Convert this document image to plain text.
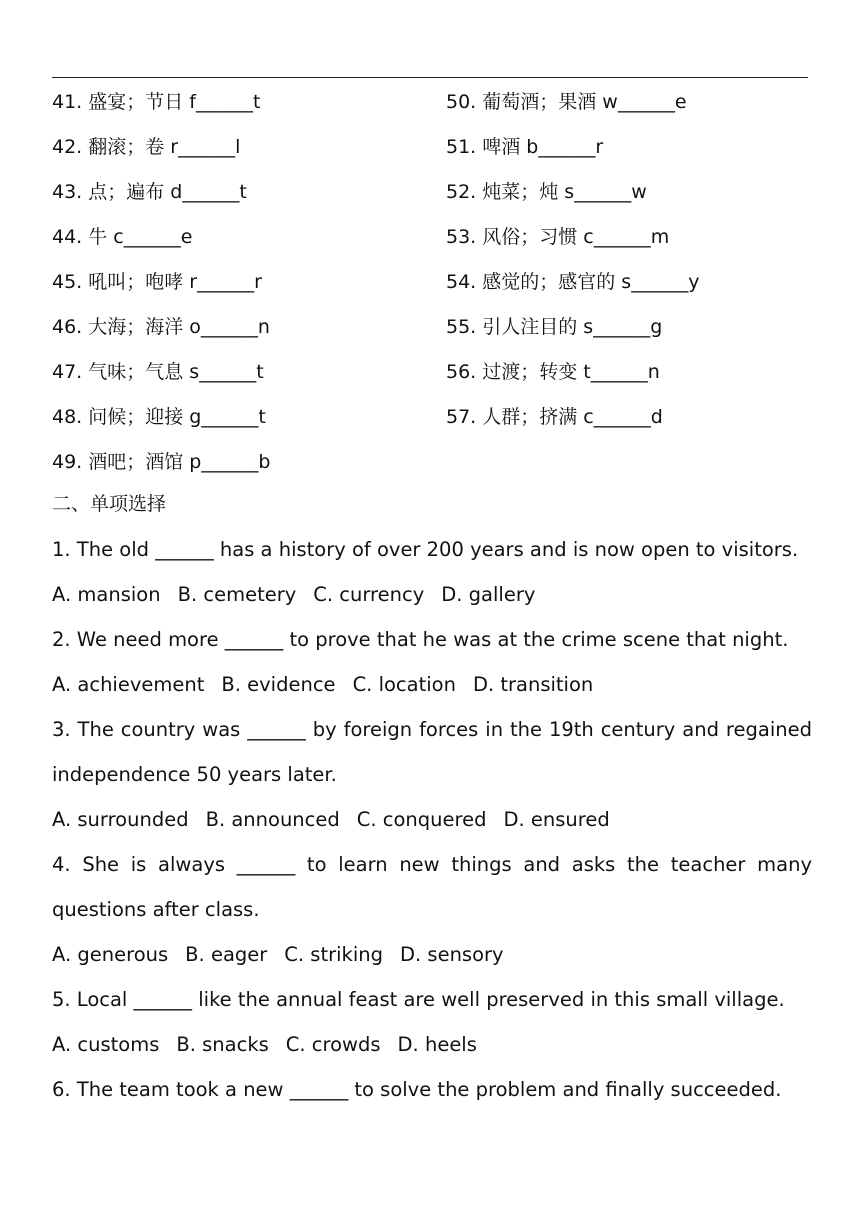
41. 盛宴；节日 f______t
42. 翻滚；卷 r______l
43. 点；遍布 d______t
44. 牛 c______e
45. 吼叫；咆哮 r______r
46. 大海；海洋 o______n
47. 气味；气息 s______t
48. 问候；迎接 g______t
49. 酒吧；酒馆 p______b
50. 葡萄酒；果酒 w______e
51. 啤酒 b______r
52. 炖菜；炖 s______w
53. 风俗；习惯 c______m
54. 感觉的；感官的 s______y
55. 引人注目的 s______g
56. 过渡；转变 t______n
57. 人群；挤满 c______d
二、单项选择
1. The old ______ has a history of over 200 years and is now open to visitors.
A. mansion B. cemetery C. currency D. gallery
2. We need more ______ to prove that he was at the crime scene that night.
A. achievement B. evidence C. location D. transition
3. The country was ______ by foreign forces in the 19th century and regained
independence 50 years later.
A. surrounded B. announced C. conquered D. ensured
4. She is always ______ to learn new things and asks the teacher many
questions after class.
A. generous B. eager C. striking D. sensory
5. Local ______ like the annual feast are well preserved in this small village.
A. customs B. snacks C. crowds D. heels
6. The team took a new ______ to solve the problem and finally succeeded.
